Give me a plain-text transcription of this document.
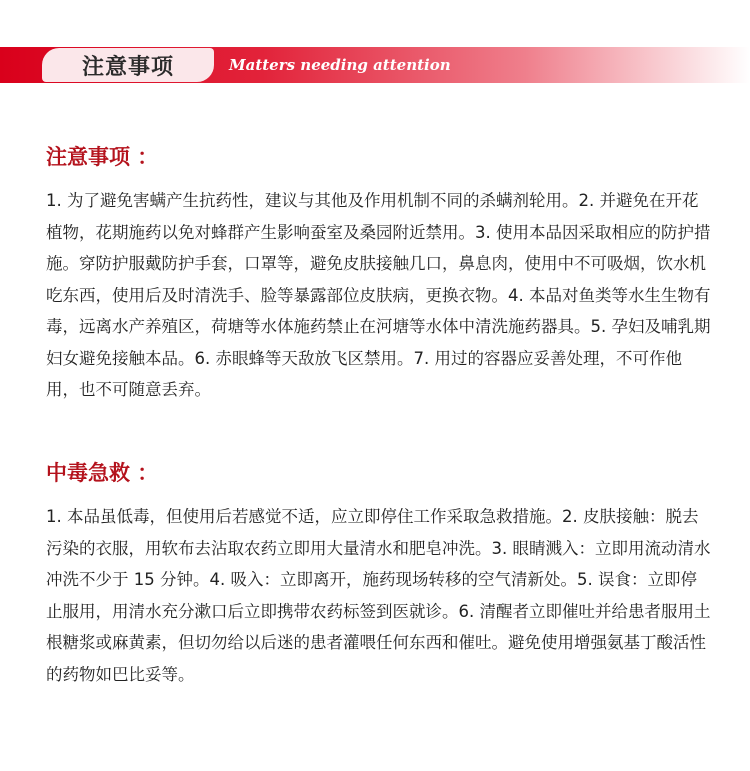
注意事项	Matters needing attention
注意事项 ：

1. 为了避免害螨产生抗药性，建议与其他及作用机制不同的杀螨剂轮用。2. 并避免在开花植物，花期施药以免对蜂群产生影响蚕室及桑园附近禁用。3. 使用本品因采取相应的防护措施。穿防护服戴防护手套，口罩等，避免皮肤接触几口，鼻息肉，使用中不可吸烟，饮水机吃东西，使用后及时清洗手、脸等暴露部位皮肤病，更换衣物。4. 本品对鱼类等水生生物有毒，远离水产养殖区，荷塘等水体施药禁止在河塘等水体中清洗施药器具。5. 孕妇及哺乳期妇女避免接触本品。6. 赤眼蜂等天敌放飞区禁用。7. 用过的容器应妥善处理，不可作他用，也不可随意丢弃。

中毒急救 ：

1. 本品虽低毒，但使用后若感觉不适，应立即停住工作采取急救措施。2. 皮肤接触：脱去污染的衣服，用软布去沾取农药立即用大量清水和肥皂冲洗。3. 眼睛溅入：立即用流动清水冲洗不少于 15 分钟。4. 吸入：立即离开，施药现场转移的空气清新处。5. 误食：立即停止服用，用清水充分漱口后立即携带农药标签到医就诊。6. 清醒者立即催吐并给患者服用土根糖浆或麻黄素，但切勿给以后迷的患者灌喂任何东西和催吐。避免使用增强氨基丁酸活性的药物如巴比妥等。
